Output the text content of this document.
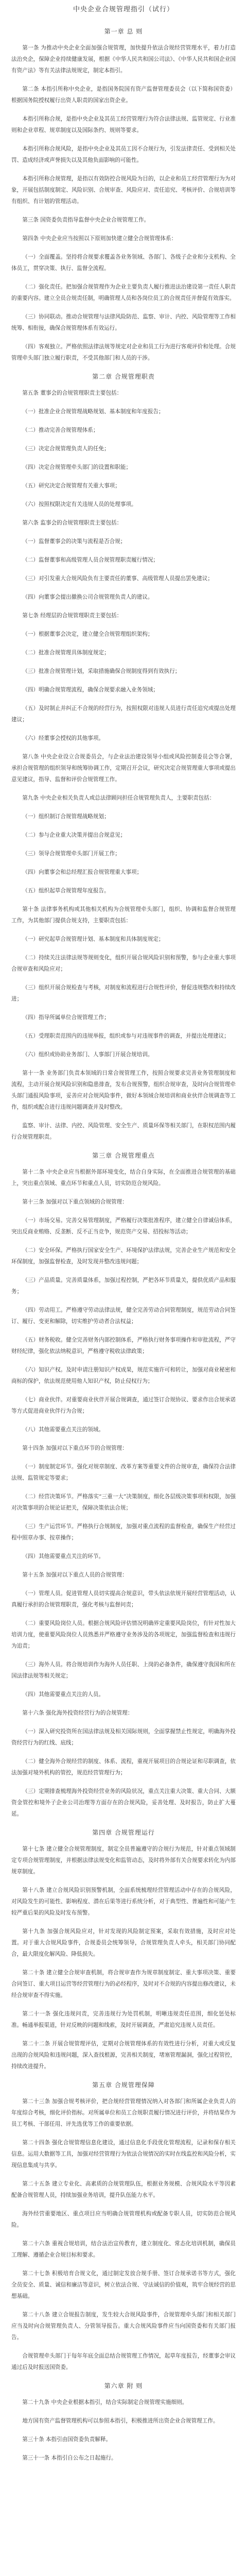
中央企业合规管理指引（试行）
第一章 总 则

第一条 为推动中央企业全面加强合规管理，加快提升依法合规经营管理水平，着力打造法治央企，保障企业持续健康发展，根据《中华人民共和国公司法》、《中华人民共和国企业国有资产法》等有关法律法规规定，制定本指引。

第二条 本指引所称中央企业，是指国务院国有资产监督管理委员会（以下简称国资委）根据国务院授权履行出资人职责的国家出资企业。

本指引所称合规，是指中央企业及其员工经营管理行为符合法律法规、监管规定、行业准则和企业章程、规章制度以及国际条约、规则等要求。

本指引所称合规风险，是指中央企业及其员工因不合规行为，引发法律责任、受到相关处罚、造成经济或声誉损失以及其他负面影响的可能性。

本指引所称合规管理，是指以有效防控合规风险为目的，以企业和员工经营管理行为为对象，开展包括制度制定、风险识别、合规审查、风险应对、责任追究、考核评价、合规培训等有组织、有计划的管理活动。

第三条 国资委负责指导监督中央企业合规管理工作。

第四条 中央企业应当按照以下原则加快建立健全合规管理体系：

（一）全面覆盖。坚持将合规要求覆盖各业务领域、各部门、各级子企业和分支机构、全体员工，贯穿决策、执行、监督全流程。

（二）强化责任。把加强合规管理作为企业主要负责人履行推进法治建设第一责任人职责的重要内容。建立全员合规责任制，明确管理人员和各岗位员工的合规责任并督促有效落实。

（三）协同联动。推动合规管理与法律风险防范、监察、审计、内控、风险管理等工作相统筹、相衔接，确保合规管理体系有效运行。

（四）客观独立。严格依照法律法规等规定对企业和员工行为进行客观评价和处理。合规管理牵头部门独立履行职责，不受其他部门和人员的干涉。

第二章 合规管理职责

第五条 董事会的合规管理职责主要包括：

（一）批准企业合规管理战略规划、基本制度和年度报告；

（二）推动完善合规管理体系；

（三）决定合规管理负责人的任免；

（四）决定合规管理牵头部门的设置和职能；

（五）研究决定合规管理有关重大事项；

（六）按照权限决定有关违规人员的处理事项。

第六条 监事会的合规管理职责主要包括：

（一）监督董事会的决策与流程是否合规；

（二）监督董事和高级管理人员合规管理职责履行情况；

（三）对引发重大合规风险负有主要责任的董事、高级管理人员提出罢免建议；

（四）向董事会提出撤换公司合规管理负责人的建议。

第七条 经理层的合规管理职责主要包括：

（一）根据董事会决定，建立健全合规管理组织架构；

（二）批准合规管理具体制度规定；

（三）批准合规管理计划，采取措施确保合规制度得到有效执行；

（四）明确合规管理流程，确保合规要求融入业务领域；

（五）及时制止并纠正不合规的经营行为，按照权限对违规人员进行责任追究或提出处理建议；

（六）经董事会授权的其他事项。

第八条 中央企业设立合规委员会，与企业法治建设领导小组或风险控制委员会等合署，承担合规管理的组织领导和统筹协调工作，定期召开会议，研究决定合规管理重大事项或提出意见建议，指导、监督和评价合规管理工作。

第九条 中央企业相关负责人或总法律顾问担任合规管理负责人，主要职责包括：

（一）组织制订合规管理战略规划；

（二）参与企业重大决策并提出合规意见；

（三）领导合规管理牵头部门开展工作；

（四）向董事会和总经理汇报合规管理重大事项；

（五）组织起草合规管理年度报告。

第十条 法律事务机构或其他相关机构为合规管理牵头部门，组织、协调和监督合规管理工作，为其他部门提供合规支持，主要职责包括：

（一）研究起草合规管理计划、基本制度和具体制度规定；

（二）持续关注法律法规等规则变化，组织开展合规风险识别和预警，参与企业重大事项合规审查和风险应对；

（三）组织开展合规检查与考核，对制度和流程进行合规性评价，督促违规整改和持续改进；

（四）指导所属单位合规管理工作；

（五）受理职责范围内的违规举报，组织或参与对违规事件的调查，并提出处理建议；

（六）组织或协助业务部门、人事部门开展合规培训。

第十一条 业务部门负责本领域的日常合规管理工作，按照合规要求完善业务管理制度和流程，主动开展合规风险识别和隐患排查，发布合规预警，组织合规审查，及时向合规管理牵头部门通报风险事项，妥善应对合规风险事件，做好本领域合规培训和商业伙伴合规调查等工作，组织或配合进行违规问题调查并及时整改。

监察、审计、法律、内控、风险管理、安全生产、质量环保等相关部门，在职权范围内履行合规管理职责。

第三章 合规管理重点

第十二条 中央企业应当根据外部环境变化，结合自身实际，在全面推进合规管理的基础上，突出重点领域、重点环节和重点人员，切实防范合规风险。

第十三条 加强对以下重点领域的合规管理：

（一）市场交易。完善交易管理制度，严格履行决策批准程序，建立健全自律诚信体系，突出反商业贿赂、反垄断、反不正当竞争，规范资产交易、招投标等活动；

（二）安全环保。严格执行国家安全生产、环境保护法律法规，完善企业生产规范和安全环保制度，加强监督检查，及时发现并整改违规问题；

（三）产品质量。完善质量体系，加强过程控制，严把各环节质量关，提供优质产品和服务；

（四）劳动用工。严格遵守劳动法律法规，健全完善劳动合同管理制度，规范劳动合同签订、履行、变更和解除，切实维护劳动者合法权益；

（五）财务税收。健全完善财务内部控制体系，严格执行财务事项操作和审批流程，严守财经纪律，强化依法纳税意识，严格遵守税收法律政策；

（六）知识产权。及时申请注册知识产权成果，规范实施许可和转让，加强对商业秘密和商标的保护，依法规范使用他人知识产权，防止侵权行为；

（七）商业伙伴。对重要商业伙伴开展合规调查，通过签订合规协议、要求作出合规承诺等方式促进商业伙伴行为合规；

（八）其他需要重点关注的领域。

第十四条 加强对以下重点环节的合规管理：

（一）制度制定环节。强化对规章制度、改革方案等重要文件的合规审查，确保符合法律法规、监管规定等要求；

（二）经营决策环节。严格落实“三重一大”决策制度，细化各层级决策事项和权限，加强对决策事项的合规论证把关，保障决策依法合规；

（三）生产运营环节。严格执行合规制度，加强对重点流程的监督检查，确保生产经营过程中照章办事、按章操作；

（四）其他需要重点关注的环节。

第十五条 加强对以下重点人员的合规管理：

（一）管理人员。促进管理人员切实提高合规意识，带头依法依规开展经营管理活动，认真履行承担的合规管理职责，强化考核与监督问责；

（二）重要风险岗位人员。根据合规风险评估情况明确界定重要风险岗位，有针对性加大培训力度，使重要风险岗位人员熟悉并严格遵守业务涉及的各项规定，加强监督检查和违规行为追责；

（三）海外人员。将合规培训作为海外人员任职、上岗的必备条件，确保遵守我国和所在国法律法规等相关规定；

（四）其他需要重点关注的人员。

第十六条 强化海外投资经营行为的合规管理：

（一）深入研究投资所在国法律法规及相关国际规则，全面掌握禁止性规定，明确海外投资经营行为的红线、底线；

（二）健全海外合规经营的制度、体系、流程，重视开展项目的合规论证和尽职调查，依法加强对境外机构的管控，规范经营管理行为；

（三）定期排查梳理海外投资经营业务的风险状况，重点关注重大决策、重大合同、大额资金管控和境外子企业公司治理等方面存在的合规风险，妥善处理、及时报告，防止扩大蔓延。

第四章 合规管理运行

第十七条 建立健全合规管理制度，制定全员普遍遵守的合规行为规范，针对重点领域制定专项合规管理制度，并根据法律法规变化和监管动态，及时将外部有关合规要求转化为内部规章制度。

第十八条 建立合规风险识别预警机制，全面系统梳理经营管理活动中存在的合规风险，对风险发生的可能性、影响程度、潜在后果等进行系统分析，对于典型性、普遍性和可能产生较严重后果的风险及时发布预警。

第十九条 加强合规风险应对，针对发现的风险制定预案，采取有效措施，及时应对处置。对于重大合规风险事件，合规委员会统筹领导，合规管理负责人牵头，相关部门协同配合，最大限度化解风险、降低损失。

第二十条 建立健全合规审查机制，将合规审查作为规章制度制定、重大事项决策、重要合同签订、重大项目运营等经营管理行为的必经程序，及时对不合规的内容提出修改建议，未经合规审查不得实施。

第二十一条 强化违规问责，完善违规行为处罚机制，明晰违规责任范围，细化惩处标准。畅通举报渠道，针对反映的问题和线索，及时开展调查，严肃追究违规人员责任。

第二十二条 开展合规管理评估，定期对合规管理体系的有效性进行分析，对重大或反复出现的合规风险和违规问题，深入查找根源，完善相关制度，堵塞管理漏洞，强化过程管控，持续改进提升。

第五章 合规管理保障

第二十三条 加强合规考核评价，把合规经营管理情况纳入对各部门和所属企业负责人的年度综合考核，细化评价指标。对所属单位和员工合规职责履行情况进行评价，并将结果作为员工考核、干部任用、评先选优等工作的重要依据。

第二十四条 强化合规管理信息化建设，通过信息化手段优化管理流程，记录和保存相关信息。运用大数据等工具，加强对经营管理行为依法合规情况的实时在线监控和风险分析，实现信息集成与共享。

第二十五条 建立专业化、高素质的合规管理队伍，根据业务规模、合规风险水平等因素配备合规管理人员，持续加强业务培训，提升队伍能力水平。

海外经营重要地区、重点项目应当明确合规管理机构或配备专职人员，切实防范合规风险。

第二十六条 重视合规培训，结合法治宣传教育，建立制度化、常态化培训机制，确保员工理解、遵循企业合规目标和要求。

第二十七条 积极培育合规文化，通过制定发放合规手册、签订合规承诺书等方式，强化全员安全、质量、诚信和廉洁等意识，树立依法合规、守法诚信的价值观，筑牢合规经营的思想基础。

第二十八条 建立合规报告制度，发生较大合规风险事件，合规管理牵头部门和相关部门应当及时向合规管理负责人、分管领导报告。重大合规风险事件应当向国资委和有关部门报告。

合规管理牵头部门于每年年底全面总结合规管理工作情况，起草年度报告，经董事会审议通过后及时报送国资委。

第六章 附 则

第二十九条 中央企业根据本指引，结合实际制定合规管理实施细则。

地方国有资产监督管理机构可以参照本指引，积极推进所出资企业合规管理工作。

第三十条 本指引由国资委负责解释。

第三十一条 本指引自公布之日起施行。
